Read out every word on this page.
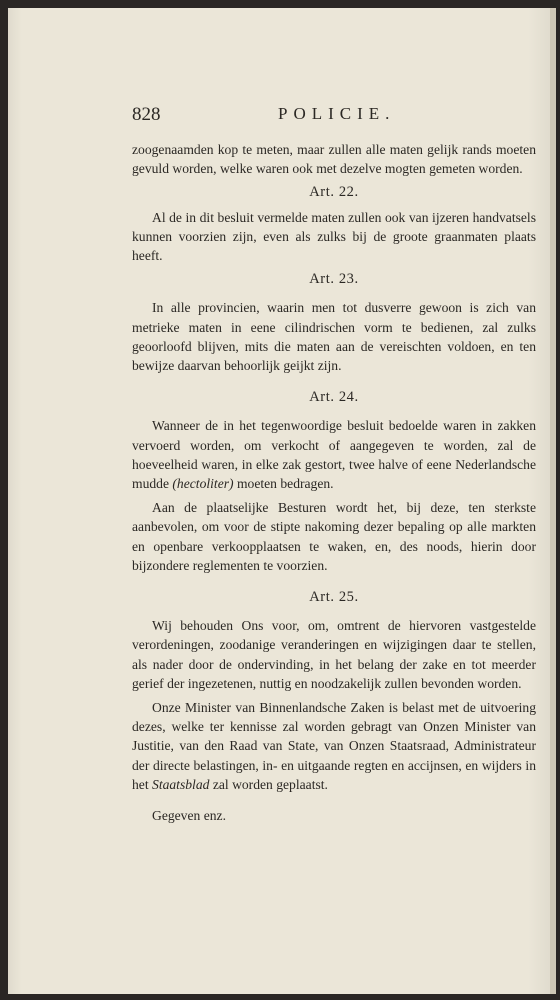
828	POLICIE.

zoogenaamden kop te meten, maar zullen alle maten gelijk rands moeten gevuld worden, welke waren ook met dezelve mogten gemeten worden.

Art. 22.

Al de in dit besluit vermelde maten zullen ook van ijzeren handvatsels kunnen voorzien zijn, even als zulks bij de groote graanmaten plaats heeft.

Art. 23.

In alle provincien, waarin men tot dusverre gewoon is zich van metrieke maten in eene cilindrischen vorm te bedienen, zal zulks geoorloofd blijven, mits die maten aan de vereischten voldoen, en ten bewijze daarvan behoorlijk geijkt zijn.

Art. 24.

Wanneer de in het tegenwoordige besluit bedoelde waren in zakken vervoerd worden, om verkocht of aangegeven te worden, zal de hoeveelheid waren, in elke zak gestort, twee halve of eene Nederlandsche mudde (hectoliter) moeten bedragen.

Aan de plaatselijke Besturen wordt het, bij deze, ten sterkste aanbevolen, om voor de stipte nakoming dezer bepaling op alle markten en openbare verkoopplaatsen te waken, en, des noods, hierin door bijzondere reglementen te voorzien.

Art. 25.

Wij behouden Ons voor, om, omtrent de hiervoren vastgestelde verordeningen, zoodanige veranderingen en wijzigingen daar te stellen, als nader door de ondervinding, in het belang der zake en tot meerder gerief der ingezetenen, nuttig en noodzakelijk zullen bevonden worden.

Onze Minister van Binnenlandsche Zaken is belast met de uitvoering dezes, welke ter kennisse zal worden gebragt van Onzen Minister van Justitie, van den Raad van State, van Onzen Staatsraad, Administrateur der directe belastingen, in- en uitgaande regten en accijnsen, en wijders in het Staatsblad zal worden geplaatst.

Gegeven enz.
